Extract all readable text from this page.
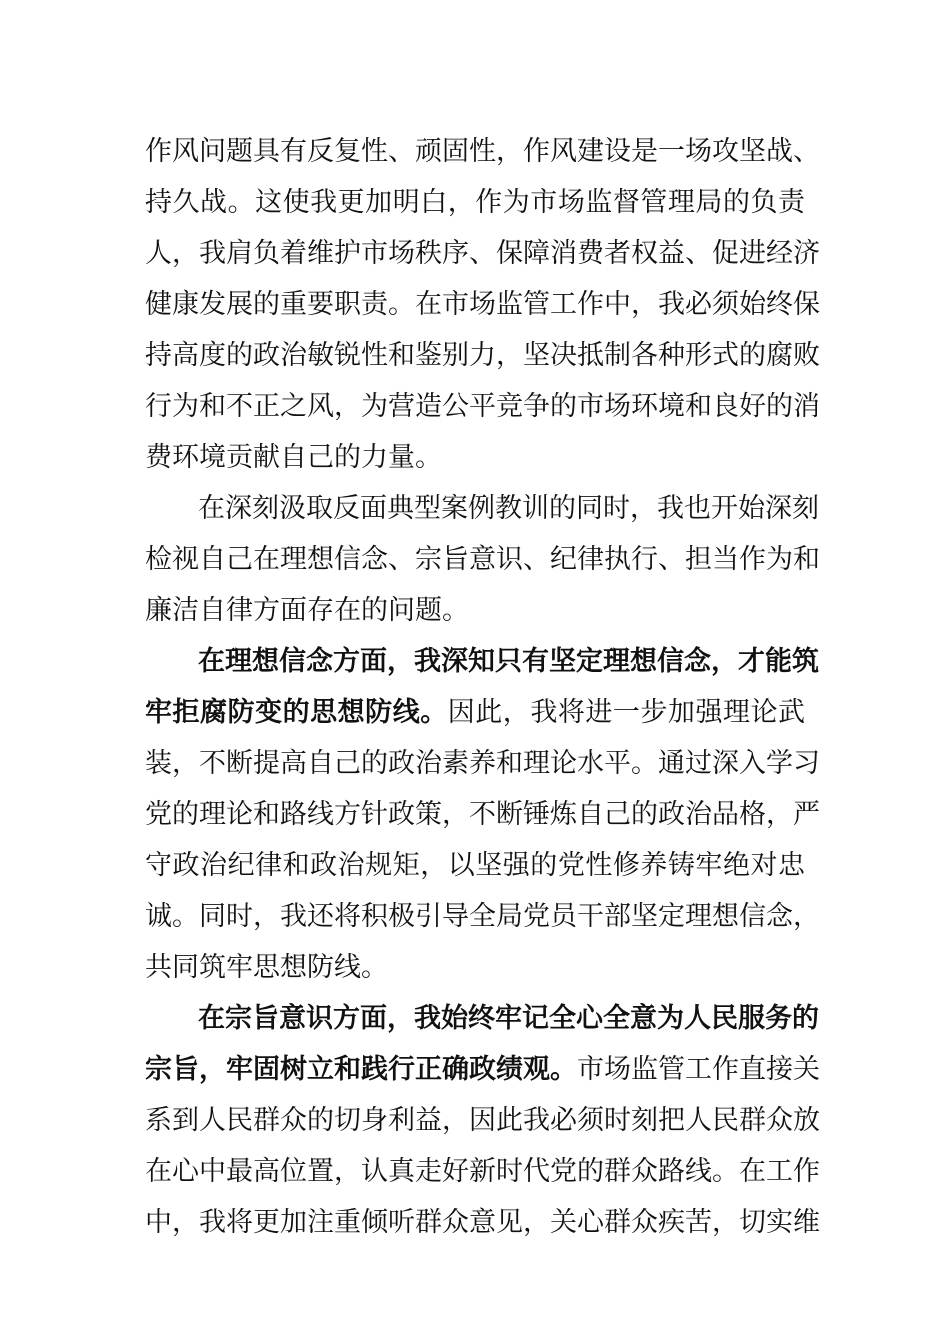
作风问题具有反复性、顽固性，作风建设是一场攻坚战、
持久战。这使我更加明白，作为市场监督管理局的负责
人，我肩负着维护市场秩序、保障消费者权益、促进经济
健康发展的重要职责。在市场监管工作中，我必须始终保
持高度的政治敏锐性和鉴别力，坚决抵制各种形式的腐败
行为和不正之风，为营造公平竞争的市场环境和良好的消
费环境贡献自己的力量。
在深刻汲取反面典型案例教训的同时，我也开始深刻
检视自己在理想信念、宗旨意识、纪律执行、担当作为和
廉洁自律方面存在的问题。
在理想信念方面，我深知只有坚定理想信念，才能筑
牢拒腐防变的思想防线。因此，我将进一步加强理论武
装，不断提高自己的政治素养和理论水平。通过深入学习
党的理论和路线方针政策，不断锤炼自己的政治品格，严
守政治纪律和政治规矩，以坚强的党性修养铸牢绝对忠
诚。同时，我还将积极引导全局党员干部坚定理想信念，
共同筑牢思想防线。
在宗旨意识方面，我始终牢记全心全意为人民服务的
宗旨，牢固树立和践行正确政绩观。市场监管工作直接关
系到人民群众的切身利益，因此我必须时刻把人民群众放
在心中最高位置，认真走好新时代党的群众路线。在工作
中，我将更加注重倾听群众意见，关心群众疾苦，切实维
